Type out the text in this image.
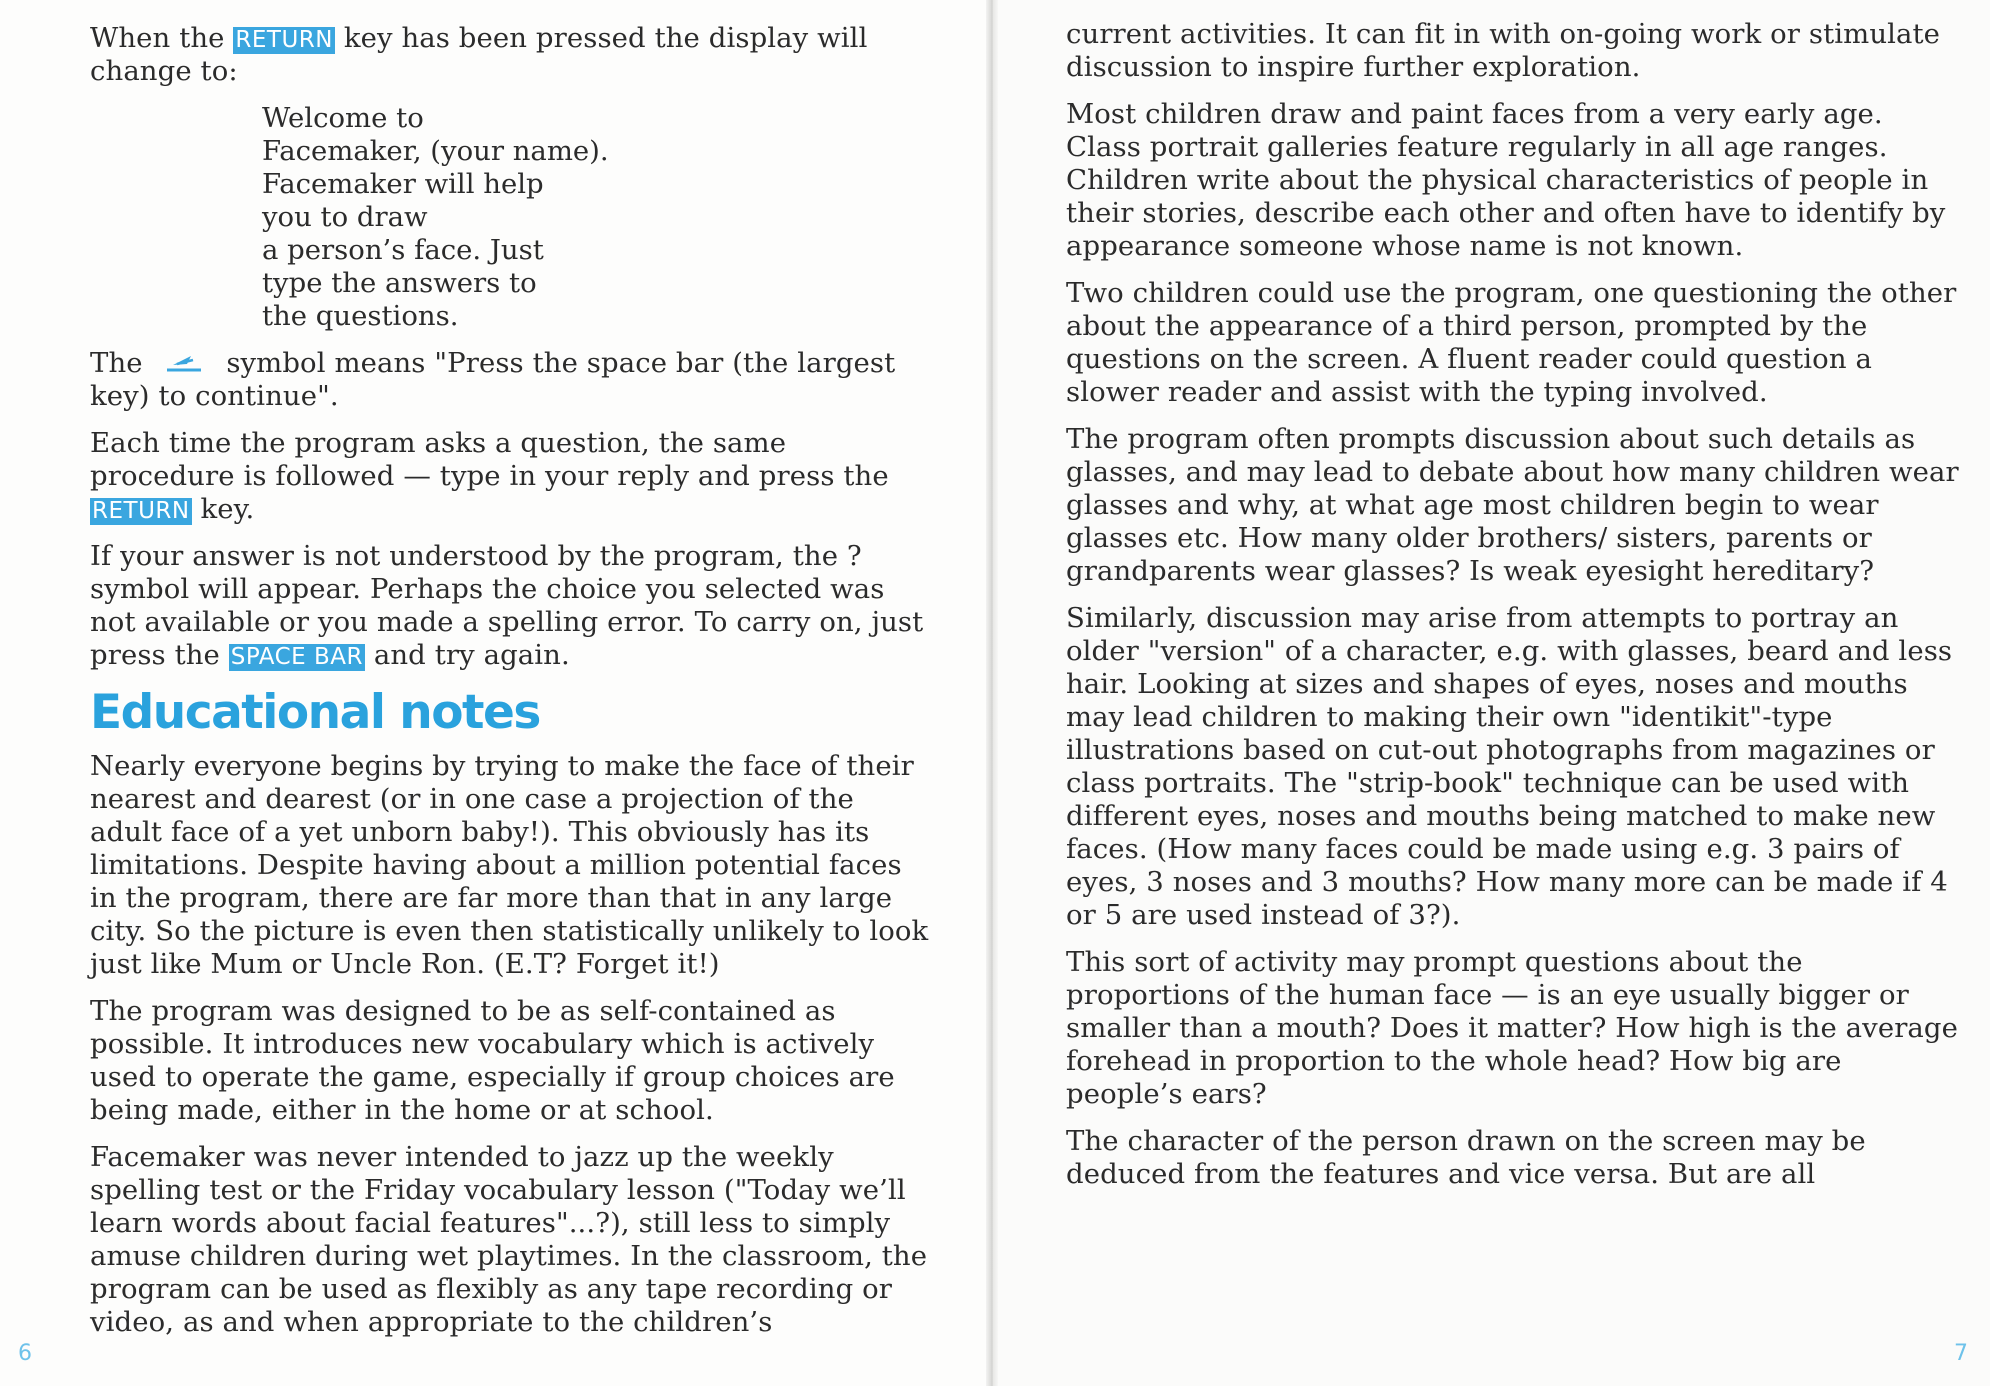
When the RETURN key has been pressed the display will change to:

Welcome to
Facemaker, (your name).
Facemaker will help
you to draw
a person’s face. Just
type the answers to
the questions.

The	symbol means "Press the space bar (the largest key) to continue".

Each time the program asks a question, the same procedure is followed — type in your reply and press the RETURN key.

If your answer is not understood by the program, the ? symbol will appear. Perhaps the choice you selected was not available or you made a spelling error. To carry on, just press the SPACE BAR and try again.

Educational notes

Nearly everyone begins by trying to make the face of their nearest and dearest (or in one case a projection of the adult face of a yet unborn baby!). This obviously has its limitations. Despite having about a million potential faces in the program, there are far more than that in any large city. So the picture is even then statistically unlikely to look just like Mum or Uncle Ron. (E.T? Forget it!)

The program was designed to be as self-contained as possible. It introduces new vocabulary which is actively used to operate the game, especially if group choices are being made, either in the home or at school.

Facemaker was never intended to jazz up the weekly spelling test or the Friday vocabulary lesson ("Today we’ll learn words about facial features"...?), still less to simply amuse children during wet playtimes. In the classroom, the program can be used as flexibly as any tape recording or video, as and when appropriate to the children’s

6

current activities. It can fit in with on-going work or stimulate discussion to inspire further exploration.

Most children draw and paint faces from a very early age. Class portrait galleries feature regularly in all age ranges. Children write about the physical characteristics of people in their stories, describe each other and often have to identify by appearance someone whose name is not known.

Two children could use the program, one questioning the other about the appearance of a third person, prompted by the questions on the screen. A fluent reader could question a slower reader and assist with the typing involved.

The program often prompts discussion about such details as glasses, and may lead to debate about how many children wear glasses and why, at what age most children begin to wear glasses etc. How many older brothers/ sisters, parents or grandparents wear glasses? Is weak eyesight hereditary?

Similarly, discussion may arise from attempts to portray an older "version" of a character, e.g. with glasses, beard and less hair. Looking at sizes and shapes of eyes, noses and mouths may lead children to making their own "identikit"-type illustrations based on cut-out photographs from magazines or class portraits. The "strip-book" technique can be used with different eyes, noses and mouths being matched to make new faces. (How many faces could be made using e.g. 3 pairs of eyes, 3 noses and 3 mouths? How many more can be made if 4 or 5 are used instead of 3?).

This sort of activity may prompt questions about the proportions of the human face — is an eye usually bigger or smaller than a mouth? Does it matter? How high is the average forehead in proportion to the whole head? How big are people’s ears?

The character of the person drawn on the screen may be deduced from the features and vice versa. But are all

7
